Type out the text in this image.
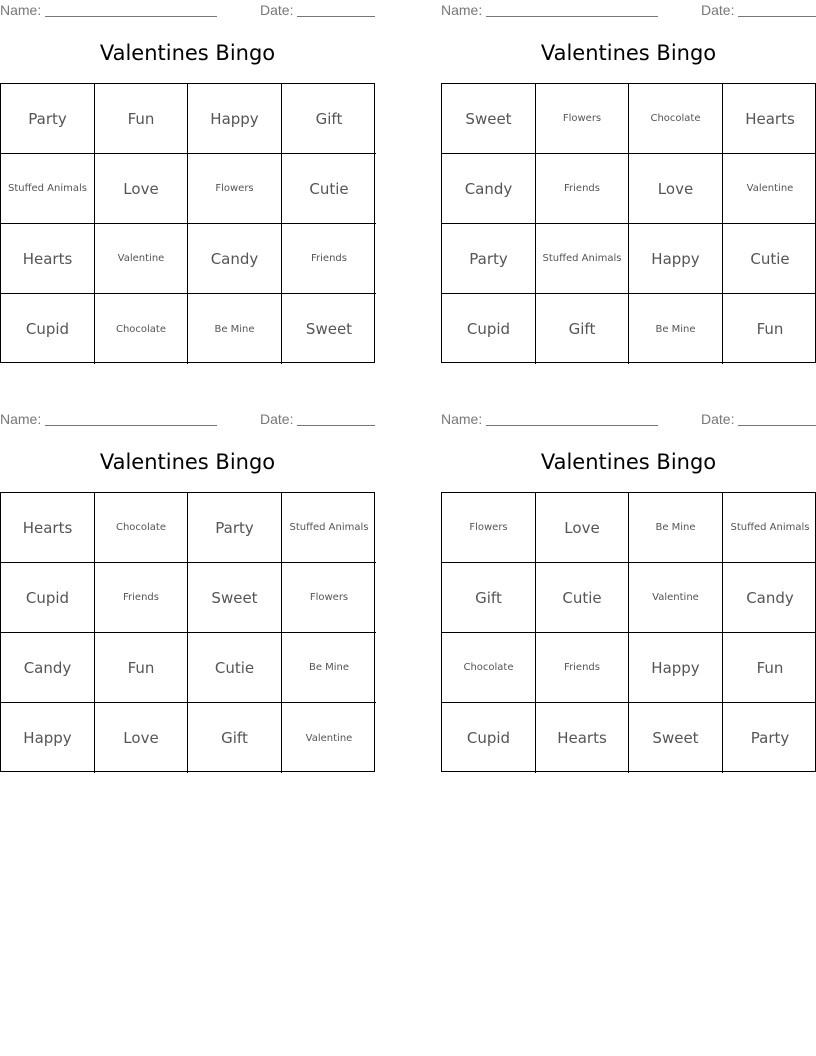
Name:	Date:
Valentines Bingo
Party	Fun	Happy	Gift
Stuffed Animals	Love	Flowers	Cutie
Hearts	Valentine	Candy	Friends
Cupid	Chocolate	Be Mine	Sweet
Name:	Date:
Valentines Bingo
Sweet	Flowers	Chocolate	Hearts
Candy	Friends	Love	Valentine
Party	Stuffed Animals	Happy	Cutie
Cupid	Gift	Be Mine	Fun
Name:	Date:
Valentines Bingo
Hearts	Chocolate	Party	Stuffed Animals
Cupid	Friends	Sweet	Flowers
Candy	Fun	Cutie	Be Mine
Happy	Love	Gift	Valentine
Name:	Date:
Valentines Bingo
Flowers	Love	Be Mine	Stuffed Animals
Gift	Cutie	Valentine	Candy
Chocolate	Friends	Happy	Fun
Cupid	Hearts	Sweet	Party
